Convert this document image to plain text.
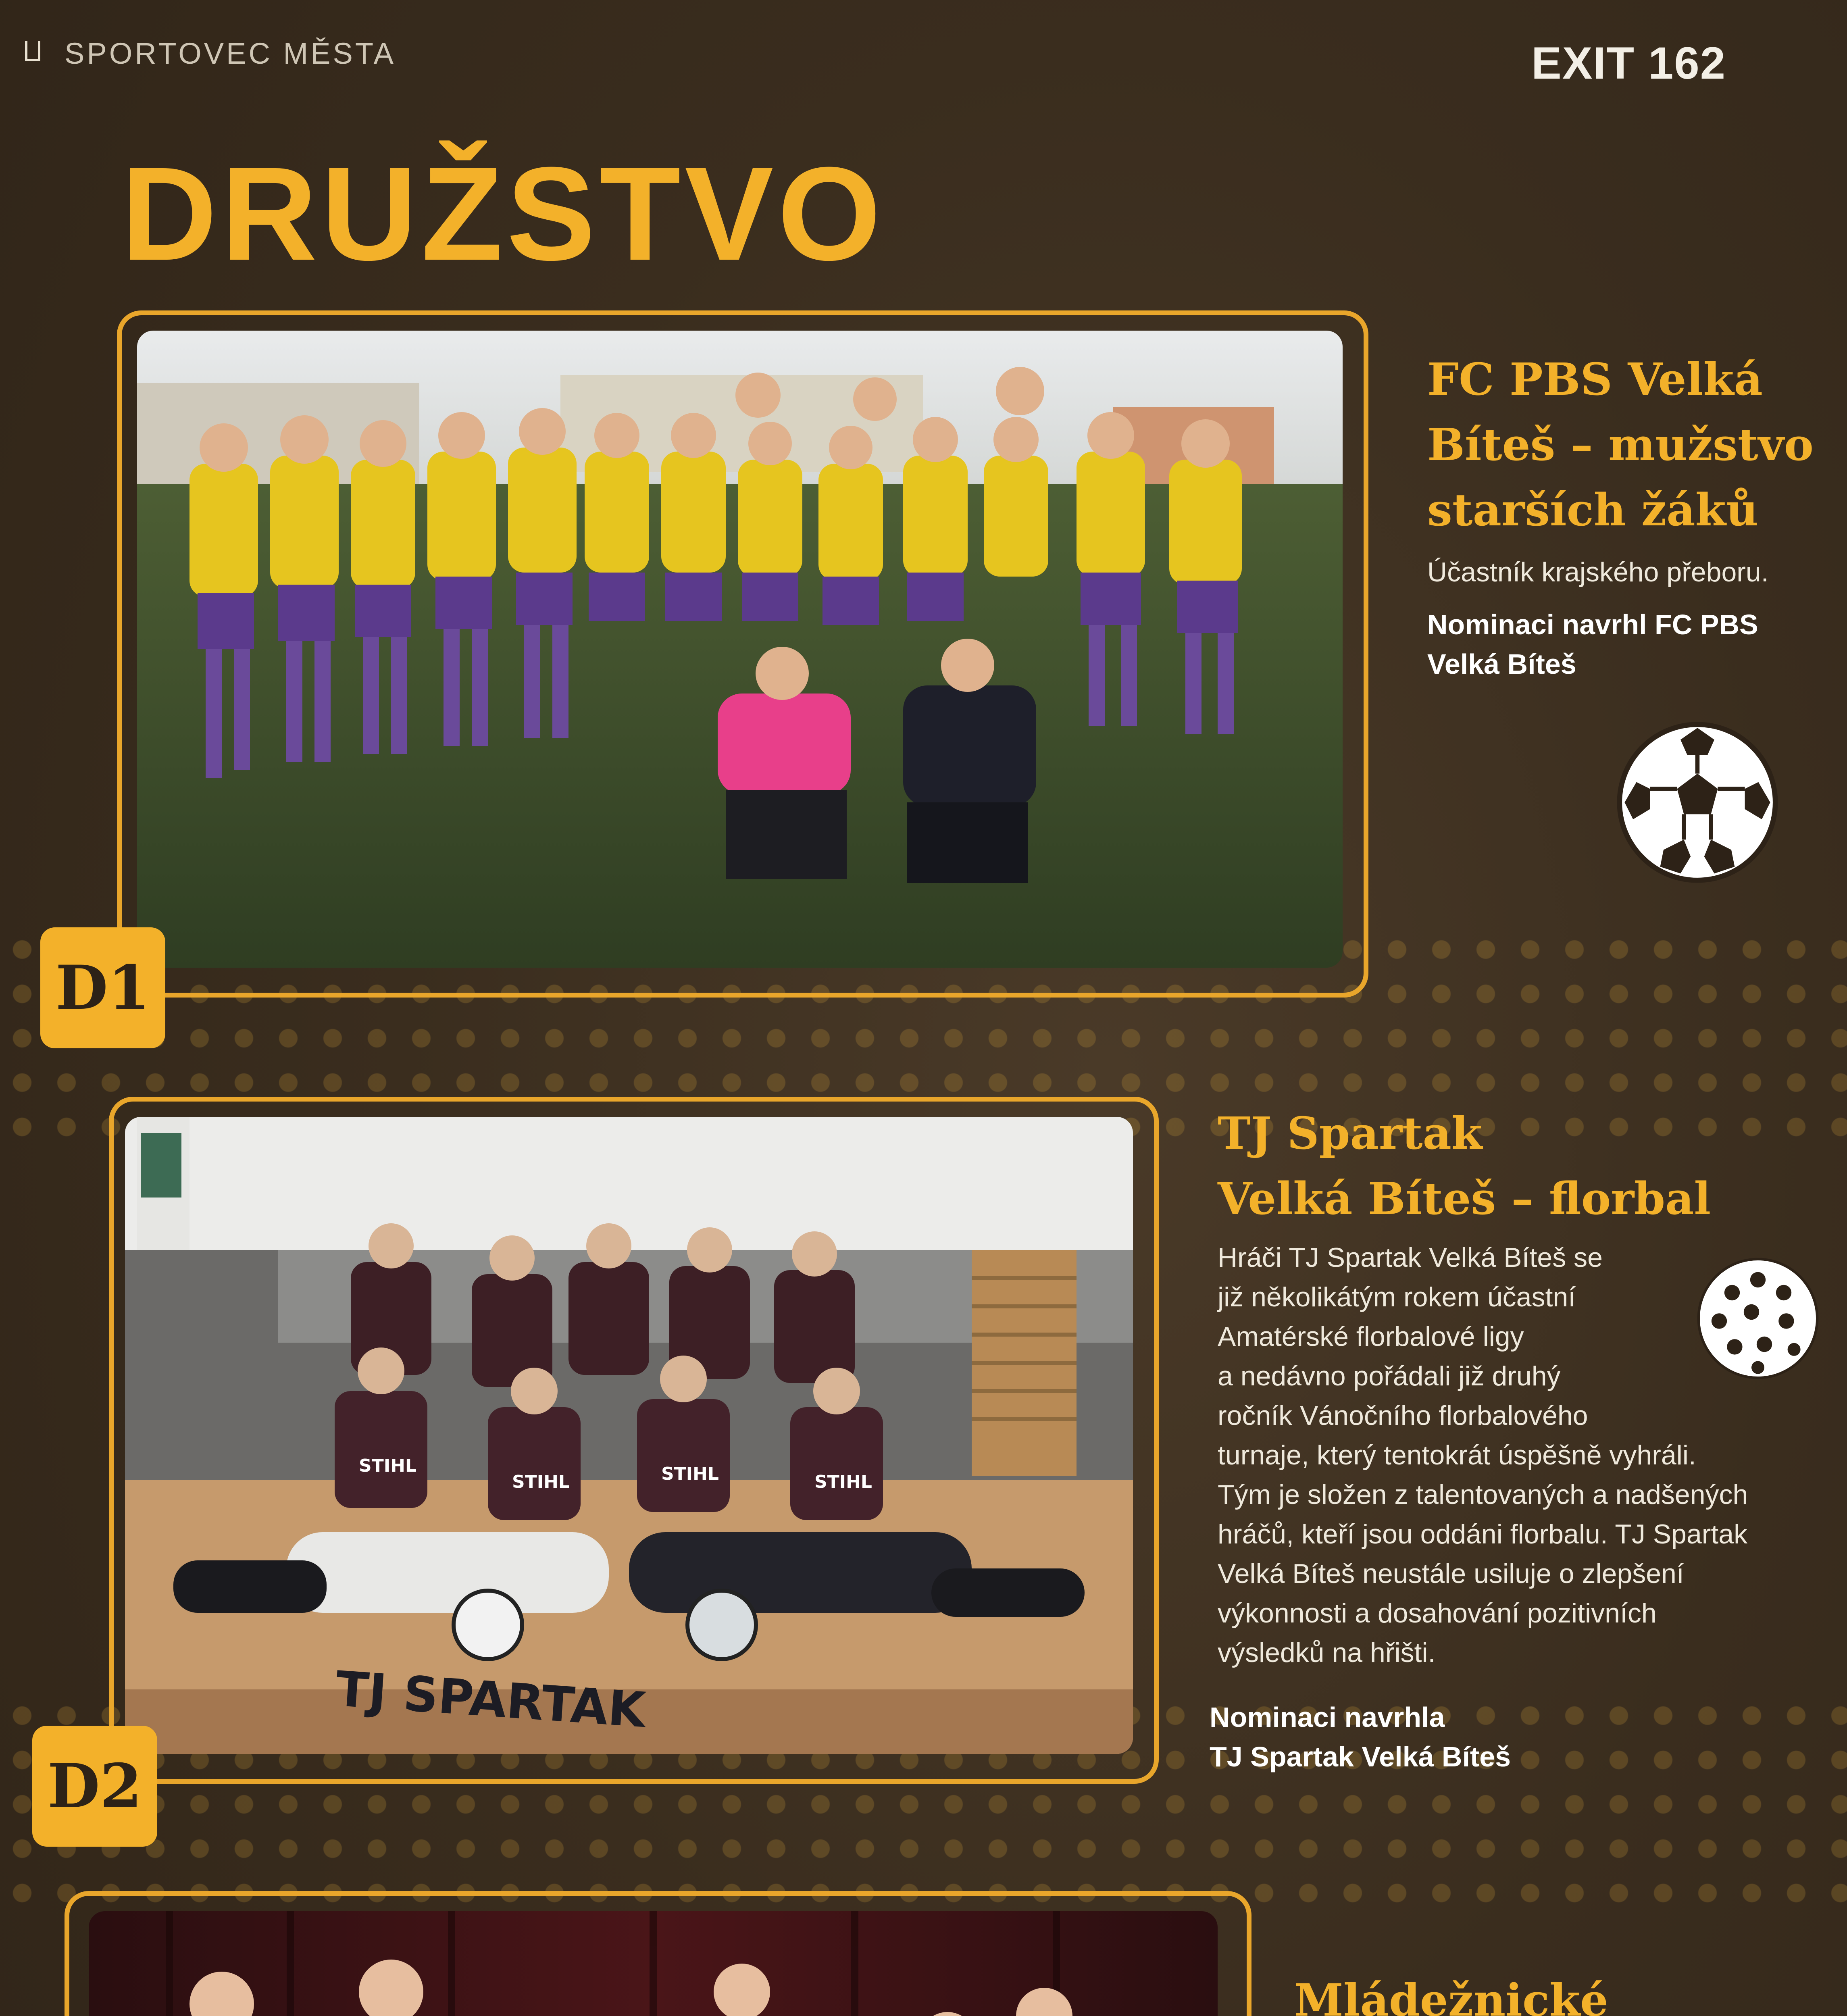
SPORTOVEC MĚSTA	EXIT 162
DRUŽSTVO
D1
FC PBS Velká
Bíteš – mužstvo
starších žáků
Účastník krajského přeboru.
Nominaci navrhl FC PBS
Velká Bíteš
TJ SPARTAK
STIHL
STIHL	STIHL	STIHL
D2
TJ Spartak
Velká Bíteš – florbal
Hráči TJ Spartak Velká Bíteš se
již několikátým rokem účastní
Amatérské florbalové ligy
a nedávno pořádali již druhý
ročník Vánočního florbalového
turnaje, který tentokrát úspěšně vyhráli.
Tým je složen z talentovaných a nadšených
hráčů, kteří jsou oddáni florbalu. TJ Spartak
Velká Bíteš neustále usiluje o zlepšení
výkonnosti a dosahování pozitivních
výsledků na hřišti.
Nominaci navrhla
TJ Spartak Velká Bíteš
Mládežnické
